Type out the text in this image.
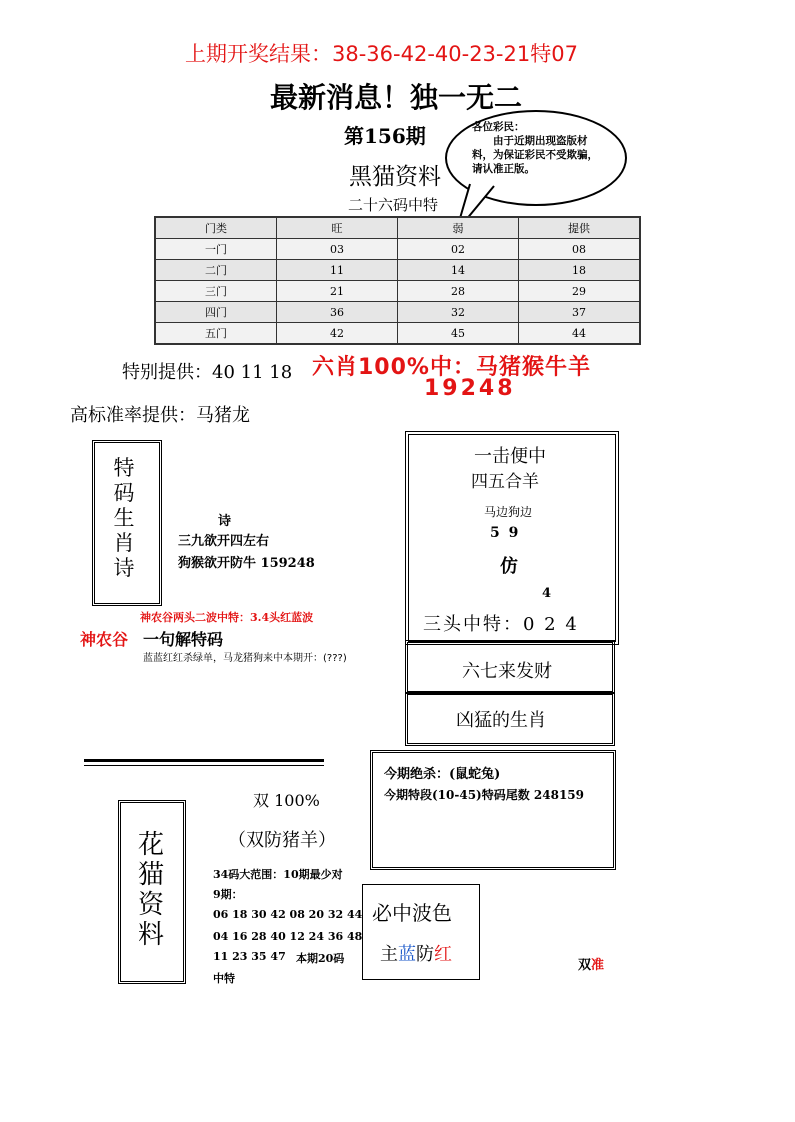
上期开奖结果：38-36-42-40-23-21特07
最新消息！独一无二
第156期
黑猫资料
二十六码中特
各位彩民：
由于近期出现盗版材料，为保证彩民不受欺骗，请认准正版。
门类	旺	弱	提供
一门	03	02	08
二门	11	14	18
三门	21	28	29
四门	36	32	37
五门	42	45	44
特别提供：40 11 18 六肖100%中：马猪猴牛羊
19248
高标准率提供：马猪龙
特码生肖诗
诗
三九欲开四左右
狗猴欲开防牛 159248
神农谷两头二波中特：3.4头红蓝波
神农谷 一句解特码
蓝蓝红红杀绿单，马龙猪狗来中本期开：(???)
一击便中
四五合羊
马边狗边
5 9
仿
4
三头中特：0 2 4
六七来发财
凶猛的生肖
今期绝杀：(鼠蛇兔)
今期特段(10-45)特码尾数 248159
花猫资料
双 100%
（双防猪羊）
34码大范围：10期最少对
9期：
06 18 30 42 08 20 32 44
04 16 28 40 12 24 36 48
11 23 35 47 本期20码
中特
必中波色
主蓝防红
双准
